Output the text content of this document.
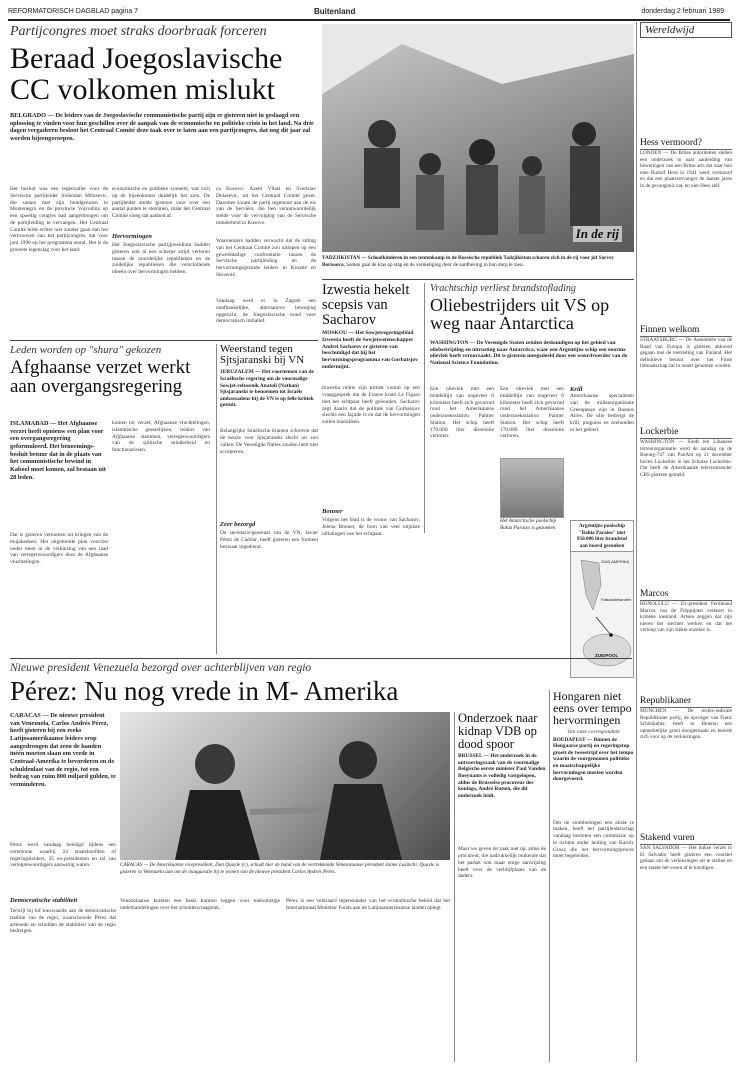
REFORMATORISCH DAGBLAD pagina 7	Buitenland	donderdag 2 februari 1989
Wereldwijd
Hess vermoord?
LONDEN — De Britse autoriteiten stellen een onderzoek in naar aanleiding van beweringen van een Britse arts dat naar hun mee Rudolf Hess in 1941 werd vermoord en dat een plaatsvervanger de laatste jaren in de gevangenis zat, en niet Hess zelf.
Finnen welkom
STRAATSBURG — De Assemblée van de Raad van Europa is gisteren akkoord gegaan met de toetreding van Finland. Het definitieve besluit over het Finse lidmaatschap zal in maart genomen worden.
Lockerbie
WASHINGTON — Sinds ten Libanese terreurorganisatie werd de aanslag op de Boeing-747 van PanAm op 21 december boven Lockerbie in het Schotse Lockerbie. Dat heeft de Amerikaanse televisiezender CBS gisteren gemeld.
Marcos
HONOLULU — Ex-president Ferdinand Marcos van de Filippijnen verkeert in kritieke toestand. Artsen zeggen dat zijn nieren het slechter werken en dat het verloop van zijn ziekte onzeker is.
Republikaner
MÜNCHEN — De rechts-radicale Republikaner partij, de opvolger van Franz Schönhuber, heeft in Beieren een opmerkelijke groei doorgemaakt en bereidt zich voor op de verkiezingen.
Stakend vuren
SAN SALVADOR — Het linkse verzet in El Salvador heeft gisteren een voorstel gedaan om de verkiezingen uit te stellen en een staakt-het-vuren af te kondigen.
Partijcongres moet straks doorbraak forceren
Beraad Joegoslavische
CC volkomen mislukt
BELGRADO — De leiders van de Joegoslavische communistische partij zijn er gisteren niet in geslaagd een oplossing te vinden voor hun geschillen over de aanpak van de economische en politieke crisis in het land. Na drie dagen vergaderen besloot het Centraal Comité deze taak over te laten aan een partijcongres, dat nog dit jaar zal worden bijeengeroepen.
Het besluit was een tegenvaller voor de Servische partijleider Slobodan Milosevic, die samen met zijn bondgenoten in Montenegro en de provincie Vojvodina op een spoedig congres had aangedrongen om de partijleiding te vervangen. Het Centraal Comité telde echter niet zonder gaan dan het vertrouwen van het partijcongres, dat voor juni 1990 op het programma stond. Het is de grootste tegenslag voor het land.
economische en politieke systeem, wat zich op de bijeenkomst duidelijk liet zien. De partijleider stelde gisteren voor over een aantal punten te stemmen, maar het Centraal Comité sloeg dat aanbod af.
Hervormingen
Het Joegoslavische partijpresidium hadden gisteren ook al een scherpe strijd verloren tussen de noordelijke republieken en de zuidelijke republieken die verschillende ideeën over hervormingen hebben.
ca Kosovo. Azem Vllasi en Svetislav Dolasevic, uit het Centraal Comité gezet. Daarmee kwam de partij tegemoet aan de eis van de Serviërs, die hen verantwoordelijk stelde voor de vervolging van de Servische minderheid in Kosovo.
Waarnemers hadden verwacht dat de sitting van het Centraal Comité zou uitlopen op een gewelddadige confrontatie tussen de Servische partijleiding en de hervormingsgezinde leiders in Kroatië en Slovenië.
Vandaag werd er in Zagreb een onafhankelijke, alternatieve beweging opgericht, de Joegoslavische bond voor democratisch initiatief.
In de rij
TADZJIKISTAN — Schoolkinderen in een tentenkamp in de Russische republiek Tadzjikistan scharen zich in de rij voor juf Sarvey Borissova. Samen gaat de klas op stap en de vernietiging door de aardbeving in hun dorp te zien.
Izwestia hekelt scepsis van Sacharov
MOSKOU — Het Sowjetregeringsblad Izwestia heeft de Sowjetwetenschapper Andrei Sacharov er gisteren van beschuldigd dat hij het hervormingsprogramma van Gorbatsjov ondermijnt.
Izwestia reikte zijn kritiek vooral op een vraaggesprek dat de Franse krant Le Figaro met het echtpaar heeft gehouden. Sacharov zegt daarin dat de politiek van Gorbatsjov slechts een façade is en dat de hervormingen zullen mislukken.
Bonner
Volgens het blad is de vrouw van Sacharov, Jelena Bonner, de bron van veel onjuiste uitlatingen van het echtpaar.
Vrachtschip verliest brandstoflading
Oliebestrijders uit VS op weg naar Antarctica
WASHINGTON — De Verenigde Staten zenden deskundigen op het gebied van oliebestrijding en uitrusting naar Antarctica, waar een Argentijns schip een enorme olievlek heeft veroorzaakt. Dit is gisteren meegedeeld door een woordvoerder van de National Science Foundation.
Een olievlek met een middellijn van ongeveer 6 kilometer heeft zich gevormd rond het Amerikaanse onderzoeksstation Palmer Station. Het schip heeft 170.000 liter dieselolie verloren.
Een olievlek met een middellijn van ongeveer 6 kilometer heeft zich gevormd rond het Amerikaanse onderzoeksstation Palmer Station. Het schip heeft 170.000 liter dieselolie verloren.
Krill
Amerikaanse specialisten van de milieuorganisatie Greenpeace zijn in Buenos Aires. De olie bedreigt de krill, pinguïns en zeehonden in het gebied.
Het Antarctische poolschip Bahia Paraiso is gezonken.	Argentijns poolschip "Bahia Paraiso" met 950.000 liter brandstof aan boord gezonken
ZUID AMERIKA
Falklandeilanden
ZUIDPOOL
Leden worden op "shura" gekozen
Afghaanse verzet werkt aan overgangsregering
ISLAMABAD — Het Afghaanse verzet heeft opnieuw een plan voor een overgangsregering geformuleerd. Het benoemings- besluit betuur dat in de plaats van het communistische bewind in Kaboel moet komen, zal bestaan uit 28 leden.
Dat is gisteren vernomen uit kringen van de mujahedeen. Het uitgebreide plan voorziet onder meer in de verkiezing van een raad van vertegenwoordigers door de Afghaanse vluchtelingen.
komen tot verzet, Afghaanse vluchtelingen, islamitische geestelijken, leiders van Afghaanse stammen, vertegenwoordigers van de sjiitische minderheid en functionarissen.
Weerstand tegen Sjtsjaranski bij VN
JERUZALEM — Het voornemen van de Israëlische regering om de voormalige Sowjet-refusenik Anatoli (Nathan) Sjtsjaranski te benoemen tot Israëls ambassadeur bij de VN is op felle kritiek gestuit.
Belangrijke Israëlische kranten schreven dat de keuze voor Sjtsjaranski slecht uit zou vallen. De Verenigde Naties zouden hem niet accepteren.
Zeer bezorgd
De secretaris-generaal van de VN, Javier Pérez de Cuéllar, heeft gisteren een formeel bezwaar ingediend.
Nieuwe president Venezuela bezorgd over achterblijven van regio
Pérez: Nu nog vrede in M- Amerika
CARACAS — De nieuwe president van Venezuela, Carlos Andrés Pérez, heeft gisteren bij een reeks Latijnsamerikaanse leiders erop aangedrongen dat zeen de handen inéén moeten slaan om vrede in Centraal-Amerika te bevorderen en de schuldenlast van de regio, tot een bedrag van ruim 800 miljard gulden, te verminderen.
Pérez werd vandaag beëdigd tijdens een ceremonie waarbij 24 staatshoofden of regeringsleiders, 35 ex-presidenten en tal van vertegenwoordigers aanwezig waren.
Democratische stabiliteit
Terwijl hij lof toezwaaide aan de democratische traditie van de regio, waarschuwde Pérez dat armoede en schulden de stabiliteit van de regio bedreigen.
CARACAS — De Amerikaanse vicepresident, Dan Quayle (r.), schudt hier de hand van de vertrekkende Venezolaanse president Jaime Lusinchi. Quayle is gisteren in Venezuela aan om de inauguratie bij te wonen van de nieuwe president Carlos Andrés Pérez.
Venezolaanse kranten een basis kunnen leggen voor toekomstige onderhandelingen over het schuldenvraagstuk.
Pérez is een verklaard tegenstander van het economische beleid dat het Internationaal Monetair Fonds aan de Latijnsamerikaanse landen oplegt.
Onderzoek naar kidnap VDB op dood spoor
BRUSSEL — Het onderzoek in de ontvoeringszaak van de voormalige Belgische eerste minister Paul Vanden Boeynants is volledig vastgelopen, aldus de Brusselse procureur des konings, André Rutten, die dit onderzoek leidt.
Maar we geven de zaak niet op, aldus de procureur, die nadrukkelijk ontkende dat het parket ook maar enige aanwijzing heeft over de verblijfplaats van de daders.
Hongaren niet eens over tempo hervormingen
Van onze correspondent
BOEDAPEST — Binnen de Hongaarse partij en regeringstop groeit de tweestrijd over het tempo waarin de voorgenomen politieke en maatschappelijke hervormingen moeten worden doorgevoerd.
Om de strubbelingen een einde te maken, heeft het partijleiderschap vandaag besloten een commissie op te richten onder leiding van Karoly Grosz die het hervormingsproces moet begeleiden.
